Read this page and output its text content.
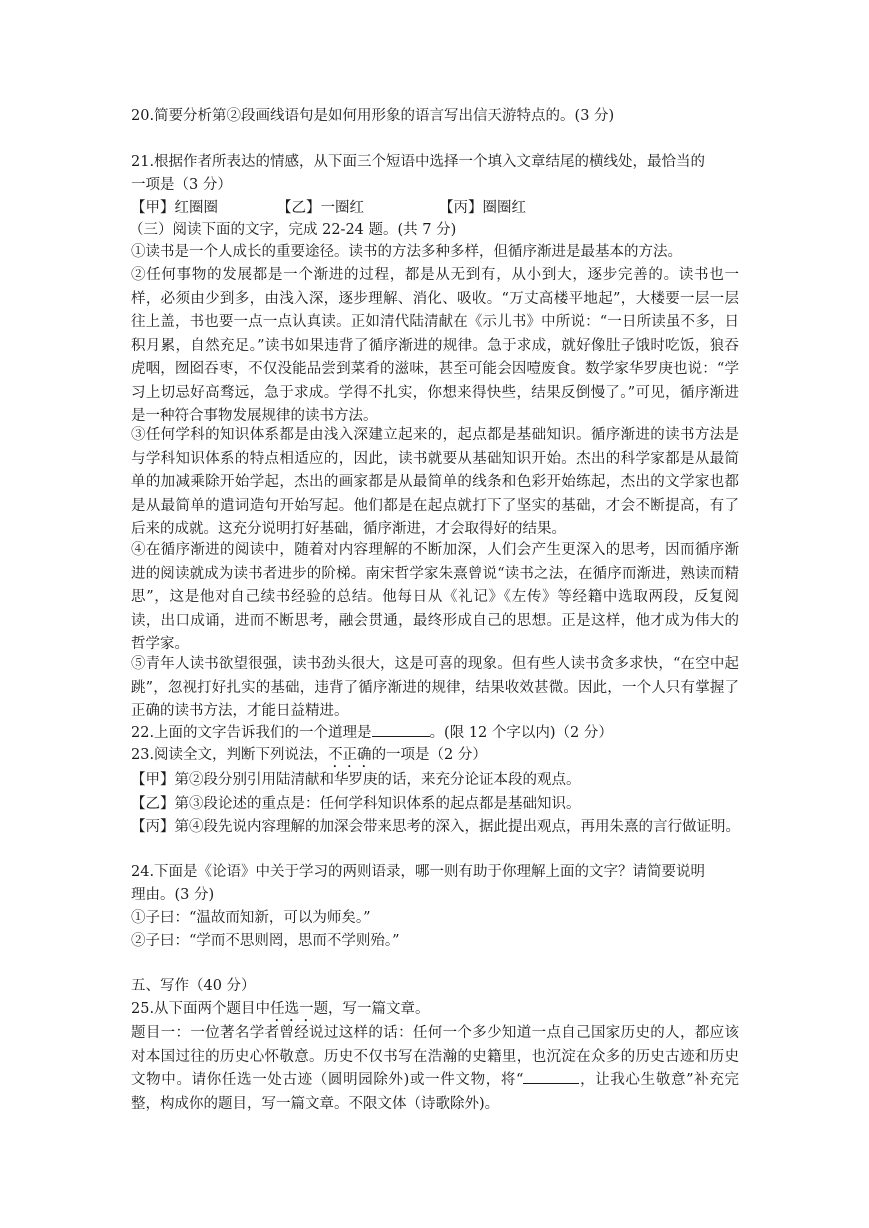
20.简要分析第②段画线语句是如何用形象的语言写出信天游特点的。(3 分)
21.根据作者所表达的情感，从下面三个短语中选择一个填入文章结尾的横线处，最恰当的
一项是（3 分）
【甲】红圈圈	【乙】一圈红	【丙】圈圈红
（三）阅读下面的文字，完成 22-24 题。(共 7 分)
①读书是一个人成长的重要途径。读书的方法多种多样，但循序渐进是最基本的方法。
②任何事物的发展都是一个渐进的过程，都是从无到有，从小到大，逐步完善的。读书也一样，必须由少到多，由浅入深，逐步理解、消化、吸收。“万丈高楼平地起”，大楼要一层一层往上盖，书也要一点一点认真读。正如清代陆清献在《示儿书》中所说：“一日所读虽不多，日积月累，自然充足。”读书如果违背了循序渐进的规律。急于求成，就好像肚子饿时吃饭，狼吞虎咽，囫囵吞枣，不仅没能品尝到菜肴的滋味，甚至可能会因噎废食。数学家华罗庚也说：“学习上切忌好高骛远，急于求成。学得不扎实，你想来得快些，结果反倒慢了。”可见，循序渐进是一种符合事物发展规律的读书方法。
③任何学科的知识体系都是由浅入深建立起来的，起点都是基础知识。循序渐进的读书方法是与学科知识体系的特点相适应的，因此，读书就要从基础知识开始。杰出的科学家都是从最简单的加减乘除开始学起，杰出的画家都是从最简单的线条和色彩开始练起，杰出的文学家也都是从最简单的遣词造句开始写起。他们都是在起点就打下了坚实的基础，才会不断提高，有了后来的成就。这充分说明打好基础，循序渐进，才会取得好的结果。
④在循序渐进的阅读中，随着对内容理解的不断加深，人们会产生更深入的思考，因而循序渐进的阅读就成为读书者进步的阶梯。南宋哲学家朱熹曾说“读书之法，在循序而渐进，熟读而精思”，这是他对自己续书经验的总结。他每日从《礼记》《左传》等经籍中选取两段，反复阅读，出口成诵，进而不断思考，融会贯通，最终形成自己的思想。正是这样，他才成为伟大的哲学家。
⑤青年人读书欲望很强，读书劲头很大，这是可喜的现象。但有些人读书贪多求快，“在空中起跳”，忽视打好扎实的基础，违背了循序渐进的规律，结果收效甚微。因此，一个人只有掌握了正确的读书方法，才能日益精进。
22.上面的文字告诉我们的一个道理是	。(限 12 个字以内)（2 分）
23.阅读全文，判断下列说法，不正确的一项是（2 分）
【甲】第②段分别引用陆清献和华罗庚的话，来充分论证本段的观点。
【乙】第③段论述的重点是：任何学科知识体系的起点都是基础知识。
【丙】第④段先说内容理解的加深会带来思考的深入，据此提出观点，再用朱熹的言行做证明。
24.下面是《论语》中关于学习的两则语录，哪一则有助于你理解上面的文字？请简要说明
理由。(3 分)
①子曰：“温故而知新，可以为师矣。”
②子曰：“学而不思则罔，思而不学则殆。”
五、写作（40 分）
25.从下面两个题目中任选一题，写一篇文章。
题目一：一位著名学者曾经说过这样的话：任何一个多少知道一点自己国家历史的人，都应该对本国过往的历史心怀敬意。历史不仅书写在浩瀚的史籍里，也沉淀在众多的历史古迹和历史文物中。请你任选一处古迹（圆明园除外)或一件文物，将“	，让我心生敬意”补充完整，构成你的题目，写一篇文章。不限文体（诗歌除外)。
